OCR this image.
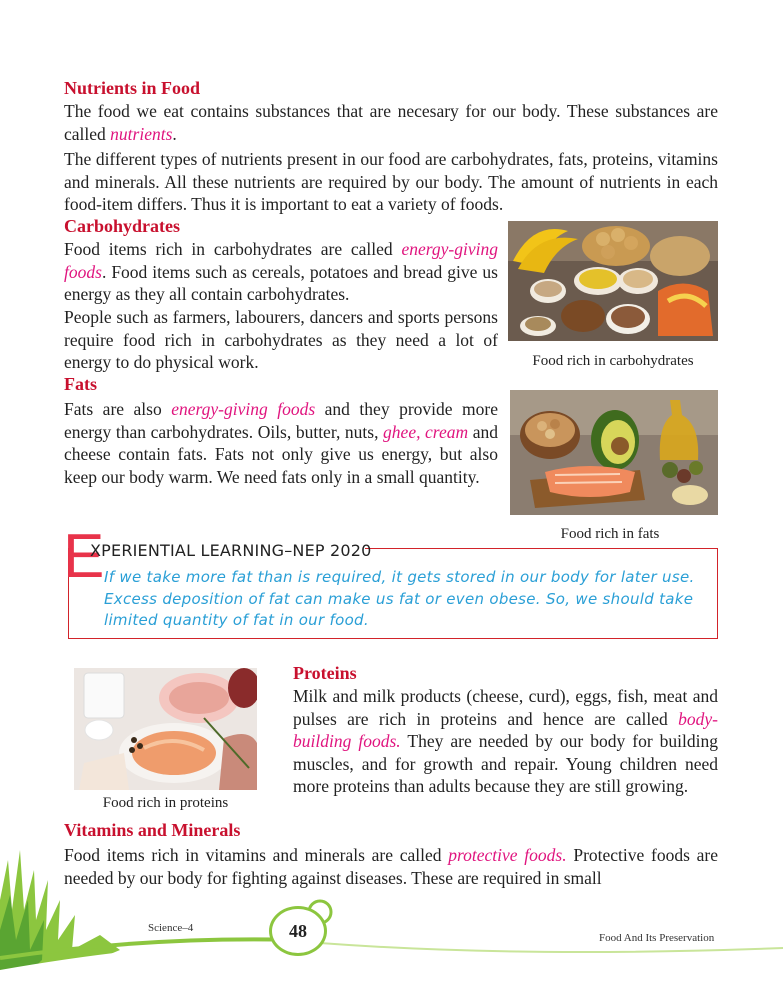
Nutrients in Food
The food we eat contains substances that are necesary for our body. These substances are called nutrients.
The different types of nutrients present in our food are carbohydrates, fats, proteins, vitamins and minerals. All these nutrients are required by our body. The amount of nutrients in each food-item differs. Thus it is important to eat a variety of foods.
Carbohydrates
Food items rich in carbohydrates are called energy-giving foods. Food items such as cereals, potatoes and bread give us energy as they all contain carbohydrates.
People such as farmers, labourers, dancers and sports persons require food rich in carbohydrates as they need a lot of energy to do physical work.	Food rich in carbohydrates
Fats
Fats are also energy-giving foods and they provide more energy than carbohydrates. Oils, butter, nuts, ghee, cream and cheese contain fats. Fats not only give us energy, but also keep our body warm. We need fats only in a small quantity.
Food rich in fats
E
XPERIENTIAL LEARNING–NEP 2020
If we take more fat than is required, it gets stored in our body for later use. Excess deposition of fat can make us fat or even obese. So, we should take limited quantity of fat in our food.
Food rich in proteins
Proteins
Milk and milk products (cheese, curd), eggs, fish, meat and pulses are rich in proteins and hence are called body-building foods. They are needed by our body for building muscles, and for growth and repair. Young children need more proteins than adults because they are still growing.
Vitamins and Minerals
Food items rich in vitamins and minerals are called protective foods. Protective foods are needed by our body for fighting against diseases. These are required in small
48
Science–4
Food And Its Preservation
